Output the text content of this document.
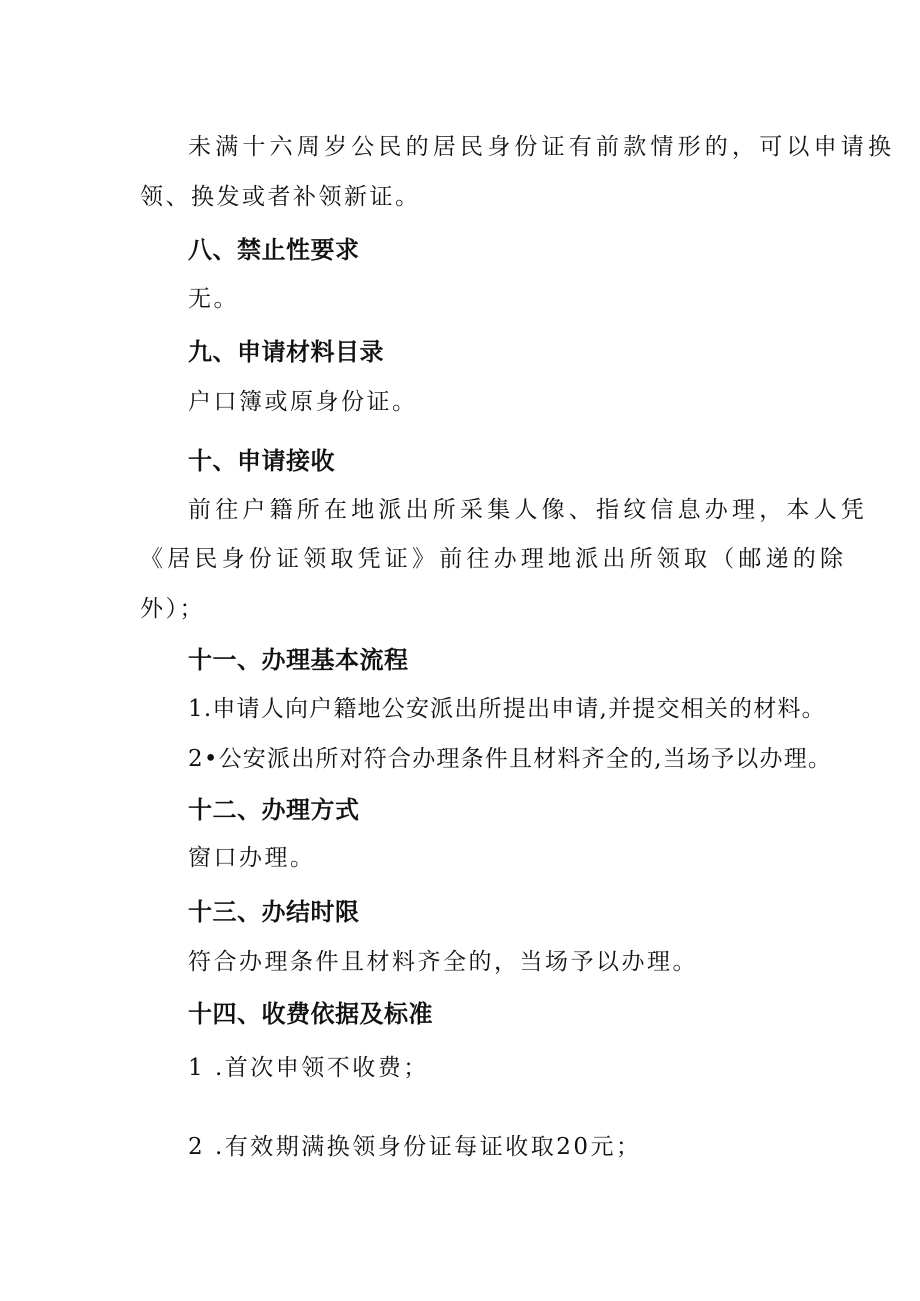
未满十六周岁公民的居民身份证有前款情形的，可以申请换

领、换发或者补领新证。

八、禁止性要求

无。

九、申请材料目录

户口簿或原身份证。

十、申请接收

前往户籍所在地派出所采集人像、指纹信息办理，本人凭

《居民身份证领取凭证》前往办理地派出所领取（邮递的除

外）；

十一、办理基本流程

1.申请人向户籍地公安派出所提出申请,并提交相关的材料。

2•公安派出所对符合办理条件且材料齐全的,当场予以办理。

十二、办理方式

窗口办理。

十三、办结时限

符合办理条件且材料齐全的，当场予以办理。

十四、收费依据及标准

1 .首次申领不收费；

2 .有效期满换领身份证每证收取20元；
